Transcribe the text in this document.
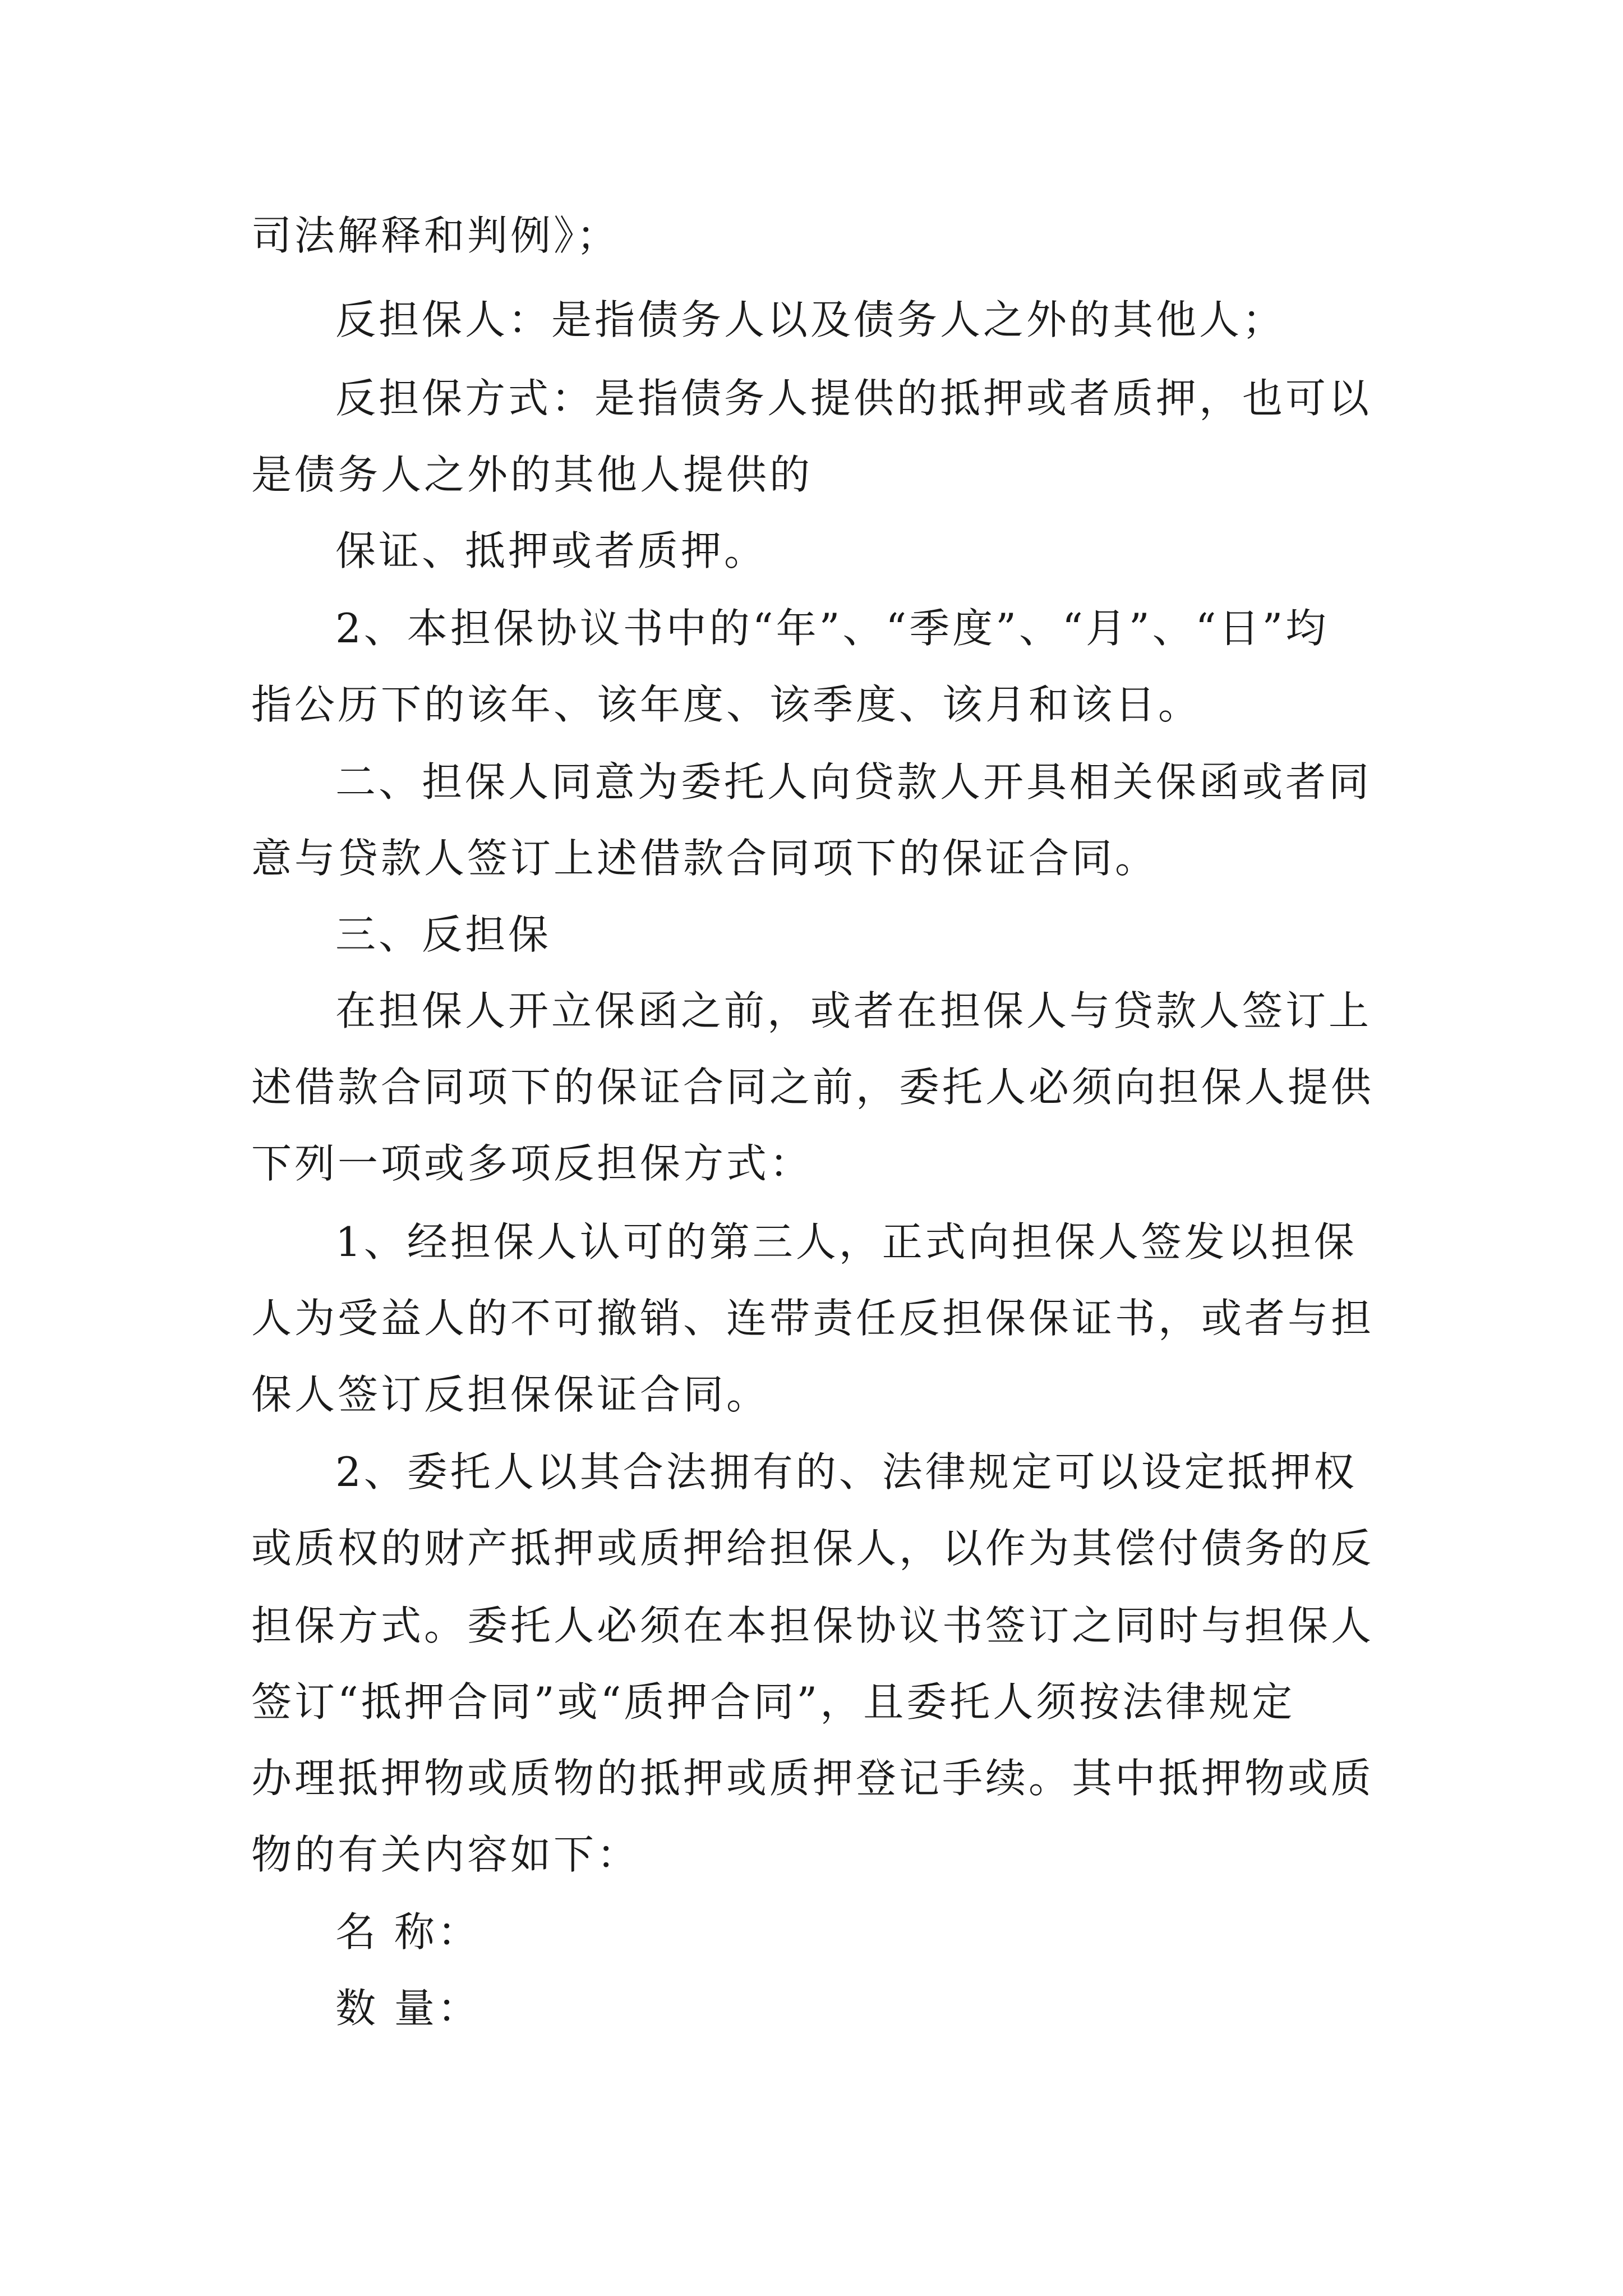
司法解释和判例》；

反担保人：是指债务人以及债务人之外的其他人；

反担保方式：是指债务人提供的抵押或者质押，也可以

是债务人之外的其他人提供的

保证、抵押或者质押。

2、本担保协议书中的“年”、“季度”、“月”、“日”均

指公历下的该年、该年度、该季度、该月和该日。

二、担保人同意为委托人向贷款人开具相关保函或者同

意与贷款人签订上述借款合同项下的保证合同。

三、反担保

在担保人开立保函之前，或者在担保人与贷款人签订上

述借款合同项下的保证合同之前，委托人必须向担保人提供

下列一项或多项反担保方式：

1、经担保人认可的第三人，正式向担保人签发以担保

人为受益人的不可撤销、连带责任反担保保证书，或者与担

保人签订反担保保证合同。

2、委托人以其合法拥有的、法律规定可以设定抵押权

或质权的财产抵押或质押给担保人，以作为其偿付债务的反

担保方式。委托人必须在本担保协议书签订之同时与担保人

签订“抵押合同”或“质押合同”，且委托人须按法律规定

办理抵押物或质物的抵押或质押登记手续。其中抵押物或质

物的有关内容如下：

名 称：

数 量：
